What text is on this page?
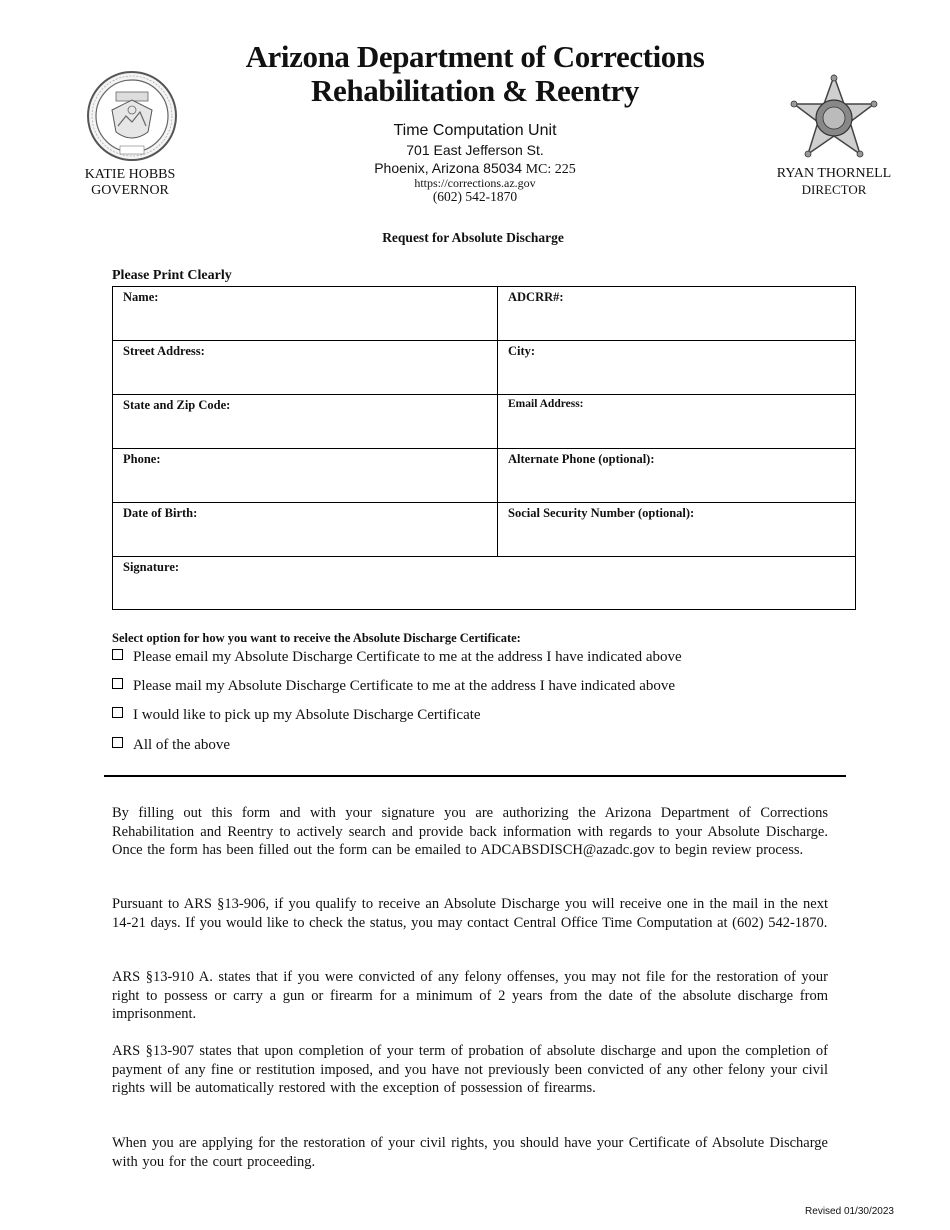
Arizona Department of Corrections
Rehabilitation & Reentry
Time Computation Unit
701 East Jefferson St.
Phoenix, Arizona 85034 MC: 225
https://corrections.az.gov
(602) 542-1870
KATIE HOBBS
GOVERNOR
RYAN THORNELL
DIRECTOR
Request for Absolute Discharge
Please Print Clearly
Name:	ADCRR#:
Street Address:	City:
State and Zip Code:	Email Address:
Phone:	Alternate Phone (optional):
Date of Birth:	Social Security Number (optional):
Signature:
Select option for how you want to receive the Absolute Discharge Certificate:
Please email my Absolute Discharge Certificate to me at the address I have indicated above
Please mail my Absolute Discharge Certificate to me at the address I have indicated above
I would like to pick up my Absolute Discharge Certificate
All of the above
By filling out this form and with your signature you are authorizing the Arizona Department of Corrections Rehabilitation and Reentry to actively search and provide back information with regards to your Absolute Discharge. Once the form has been filled out the form can be emailed to ADCABSDISCH@azadc.gov to begin review process.
Pursuant to ARS §13-906, if you qualify to receive an Absolute Discharge you will receive one in the mail in the next 14-21 days. If you would like to check the status, you may contact Central Office Time Computation at (602) 542-1870.
ARS §13-910 A. states that if you were convicted of any felony offenses, you may not file for the restoration of your right to possess or carry a gun or firearm for a minimum of 2 years from the date of the absolute discharge from imprisonment.
ARS §13-907 states that upon completion of your term of probation of absolute discharge and upon the completion of payment of any fine or restitution imposed, and you have not previously been convicted of any other felony your civil rights will be automatically restored with the exception of possession of firearms.
When you are applying for the restoration of your civil rights, you should have your Certificate of Absolute Discharge with you for the court proceeding.
Revised 01/30/2023
